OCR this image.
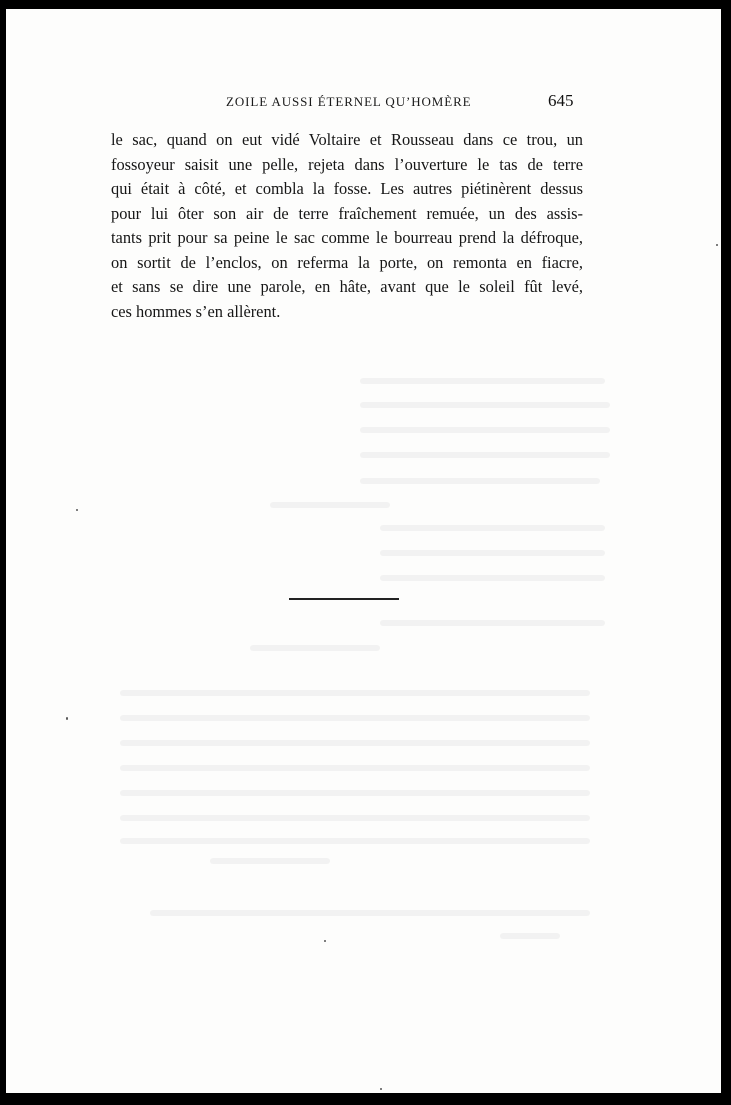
ZOILE AUSSI ÉTERNEL QU’HOMÈRE	645
le sac, quand on eut vidé Voltaire et Rousseau dans ce trou, un
fossoyeur saisit une pelle, rejeta dans l’ouverture le tas de terre
qui était à côté, et combla la fosse. Les autres piétinèrent dessus
pour lui ôter son air de terre fraîchement remuée, un des assis-
tants prit pour sa peine le sac comme le bourreau prend la défroque,
on sortit de l’enclos, on referma la porte, on remonta en fiacre,
et sans se dire une parole, en hâte, avant que le soleil fût levé,
ces hommes s’en allèrent.
